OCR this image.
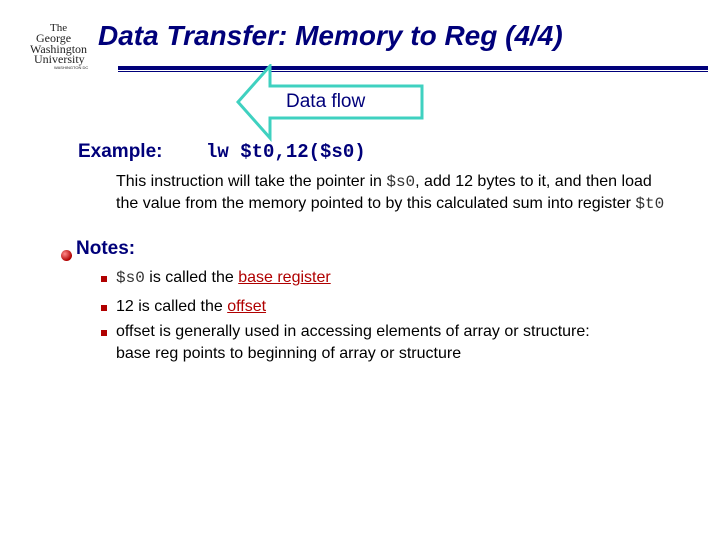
The
George
Washington
University
WASHINGTON DC
Data Transfer: Memory to Reg (4/4)
Data flow
Example: lw $t0,12($s0)
This instruction will take the pointer in $s0, add 12 bytes to it, and then load the value from the memory pointed to by this calculated sum into register $t0
Notes:
$s0 is called the base register
12 is called the offset
offset is generally used in accessing elements of array or structure:
base reg points to beginning of array or structure
